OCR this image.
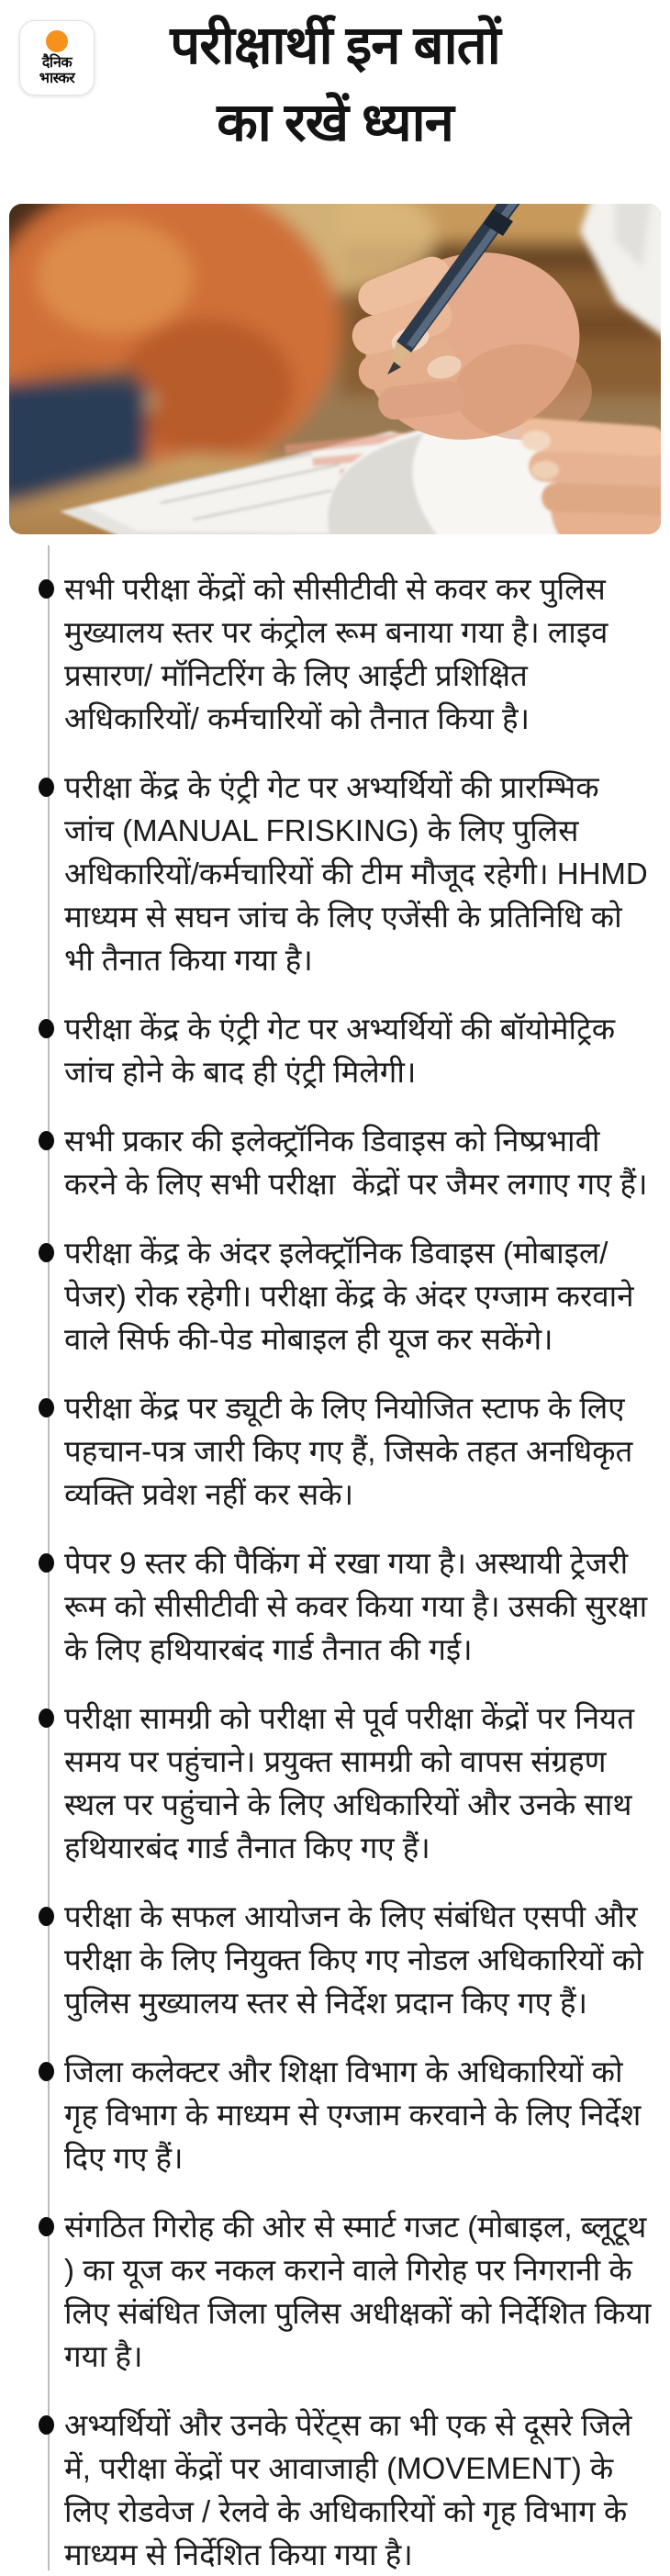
दैनिक
भास्कर
परीक्षार्थी इन बातों
का रखें ध्यान
सभी परीक्षा केंद्रों को सीसीटीवी से कवर कर पुलिस मुख्यालय स्तर पर कंट्रोल रूम बनाया गया है। लाइव प्रसारण/ मॉनिटरिंग के लिए आईटी प्रशिक्षित अधिकारियों/ कर्मचारियों को तैनात किया है।
परीक्षा केंद्र के एंट्री गेट पर अभ्यर्थियों की प्रारम्भिक जांच (MANUAL FRISKING) के लिए पुलिस अधिकारियों/कर्मचारियों की टीम मौजूद रहेगी। HHMD माध्यम से सघन जांच के लिए एजेंसी के प्रतिनिधि को भी तैनात किया गया है।
परीक्षा केंद्र के एंट्री गेट पर अभ्यर्थियों की बॉयोमेट्रिक जांच होने के बाद ही एंट्री मिलेगी।
सभी प्रकार की इलेक्ट्रॉनिक डिवाइस को निष्प्रभावी करने के लिए सभी परीक्षा  केंद्रों पर जैमर लगाए गए हैं।
परीक्षा केंद्र के अंदर इलेक्ट्रॉनिक डिवाइस (मोबाइल/ पेजर) रोक रहेगी। परीक्षा केंद्र के अंदर एग्जाम करवाने वाले सिर्फ की-पेड मोबाइल ही यूज कर सकेंगे।
परीक्षा केंद्र पर ड्यूटी के लिए नियोजित स्टाफ के लिए पहचान-पत्र जारी किए गए हैं, जिसके तहत अनधिकृत व्यक्ति प्रवेश नहीं कर सके।
पेपर 9 स्तर की पैकिंग में रखा गया है। अस्थायी ट्रेजरी रूम को सीसीटीवी से कवर किया गया है। उसकी सुरक्षा के लिए हथियारबंद गार्ड तैनात की गई।
परीक्षा सामग्री को परीक्षा से पूर्व परीक्षा केंद्रों पर नियत समय पर पहुंचाने। प्रयुक्त सामग्री को वापस संग्रहण स्थल पर पहुंचाने के लिए अधिकारियों और उनके साथ हथियारबंद गार्ड तैनात किए गए हैं।
परीक्षा के सफल आयोजन के लिए संबंधित एसपी और परीक्षा के लिए नियुक्त किए गए नोडल अधिकारियों को पुलिस मुख्यालय स्तर से निर्देश प्रदान किए गए हैं।
जिला कलेक्टर और शिक्षा विभाग के अधिकारियों को गृह विभाग के माध्यम से एग्जाम करवाने के लिए निर्देश दिए गए हैं।
संगठित गिरोह की ओर से स्मार्ट गजट (मोबाइल, ब्लूटूथ ) का यूज कर नकल कराने वाले गिरोह पर निगरानी के लिए संबंधित जिला पुलिस अधीक्षकों को निर्देशित किया गया है।
अभ्यर्थियों और उनके पेरेंट्स का भी एक से दूसरे जिले में, परीक्षा केंद्रों पर आवाजाही (MOVEMENT) के लिए रोडवेज / रेलवे के अधिकारियों को गृह विभाग के माध्यम से निर्देशित किया गया है।
